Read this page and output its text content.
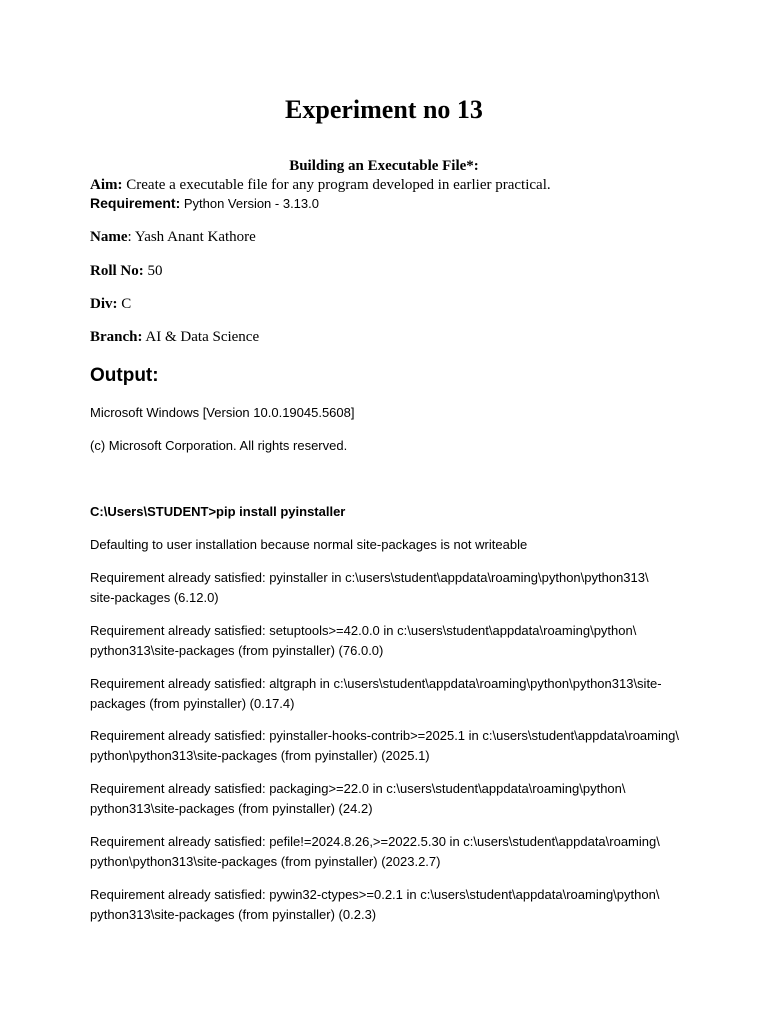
Experiment no 13

Building an Executable File*:

Aim: Create a executable file for any program developed in earlier practical.

Requirement: Python Version - 3.13.0

Name: Yash Anant Kathore

Roll No: 50

Div: C

Branch: AI & Data Science

Output:

Microsoft Windows [Version 10.0.19045.5608]

(c) Microsoft Corporation. All rights reserved.

C:\Users\STUDENT>pip install pyinstaller

Defaulting to user installation because normal site-packages is not writeable

Requirement already satisfied: pyinstaller in c:\users\student\appdata\roaming\python\python313\
site-packages (6.12.0)
Requirement already satisfied: setuptools>=42.0.0 in c:\users\student\appdata\roaming\python\
python313\site-packages (from pyinstaller) (76.0.0)
Requirement already satisfied: altgraph in c:\users\student\appdata\roaming\python\python313\site-
packages (from pyinstaller) (0.17.4)
Requirement already satisfied: pyinstaller-hooks-contrib>=2025.1 in c:\users\student\appdata\roaming\
python\python313\site-packages (from pyinstaller) (2025.1)
Requirement already satisfied: packaging>=22.0 in c:\users\student\appdata\roaming\python\
python313\site-packages (from pyinstaller) (24.2)
Requirement already satisfied: pefile!=2024.8.26,>=2022.5.30 in c:\users\student\appdata\roaming\
python\python313\site-packages (from pyinstaller) (2023.2.7)
Requirement already satisfied: pywin32-ctypes>=0.2.1 in c:\users\student\appdata\roaming\python\
python313\site-packages (from pyinstaller) (0.2.3)
